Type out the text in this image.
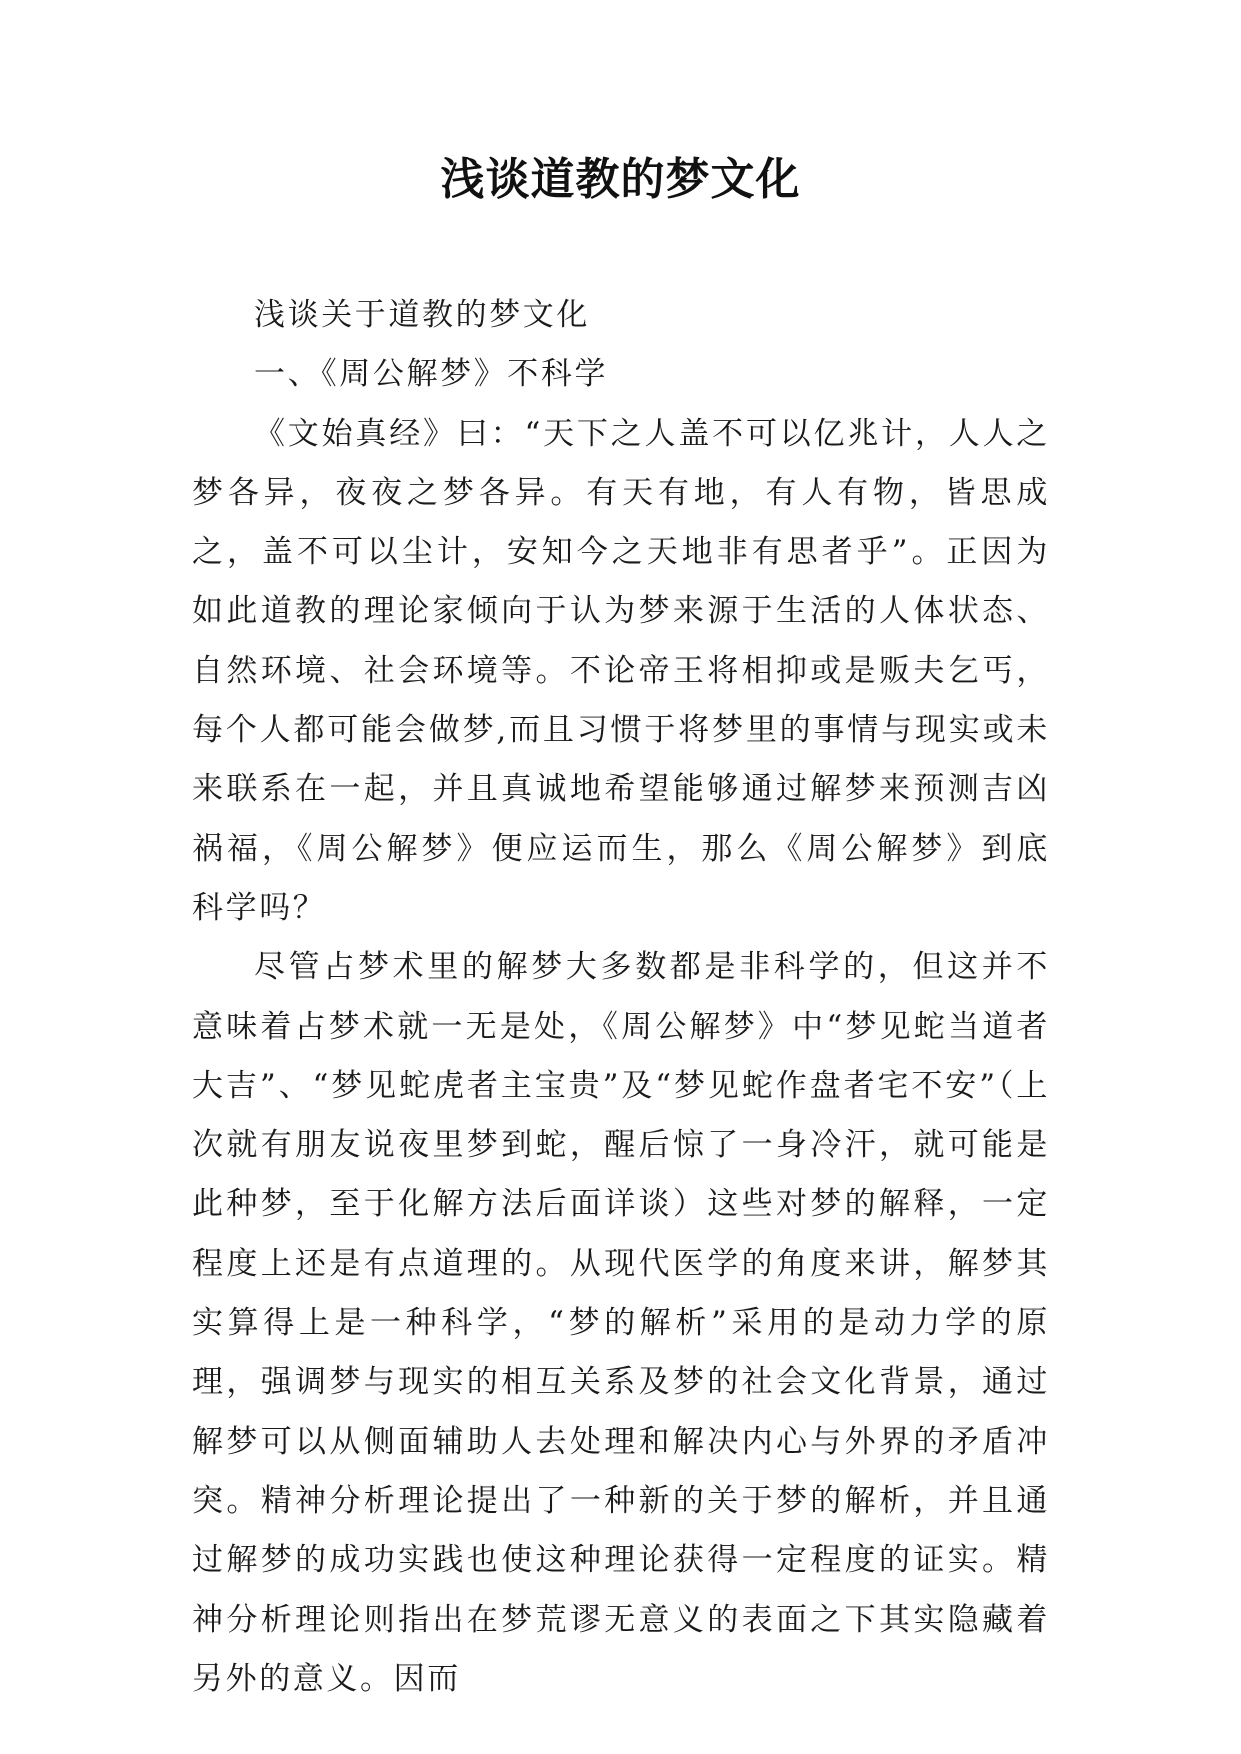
浅谈道教的梦文化

浅谈关于道教的梦文化

一、《周公解梦》不科学

《文始真经》曰：“天下之人盖不可以亿兆计，人人之梦各异，夜夜之梦各异。有天有地，有人有物，皆思成之，盖不可以尘计，安知今之天地非有思者乎”。正因为如此道教的理论家倾向于认为梦来源于生活的人体状态、自然环境、社会环境等。不论帝王将相抑或是贩夫乞丐，每个人都可能会做梦,而且习惯于将梦里的事情与现实或未来联系在一起，并且真诚地希望能够通过解梦来预测吉凶祸福，《周公解梦》便应运而生，那么《周公解梦》到底科学吗？

尽管占梦术里的解梦大多数都是非科学的，但这并不意味着占梦术就一无是处，《周公解梦》中“梦见蛇当道者大吉”、“梦见蛇虎者主宝贵”及“梦见蛇作盘者宅不安”（上次就有朋友说夜里梦到蛇，醒后惊了一身冷汗，就可能是此种梦，至于化解方法后面详谈）这些对梦的解释，一定程度上还是有点道理的。从现代医学的角度来讲，解梦其实算得上是一种科学，“梦的解析”采用的是动力学的原理，强调梦与现实的相互关系及梦的社会文化背景，通过解梦可以从侧面辅助人去处理和解决内心与外界的矛盾冲突。精神分析理论提出了一种新的关于梦的解析，并且通过解梦的成功实践也使这种理论获得一定程度的证实。精神分析理论则指出在梦荒谬无意义的表面之下其实隐藏着另外的意义。因而
